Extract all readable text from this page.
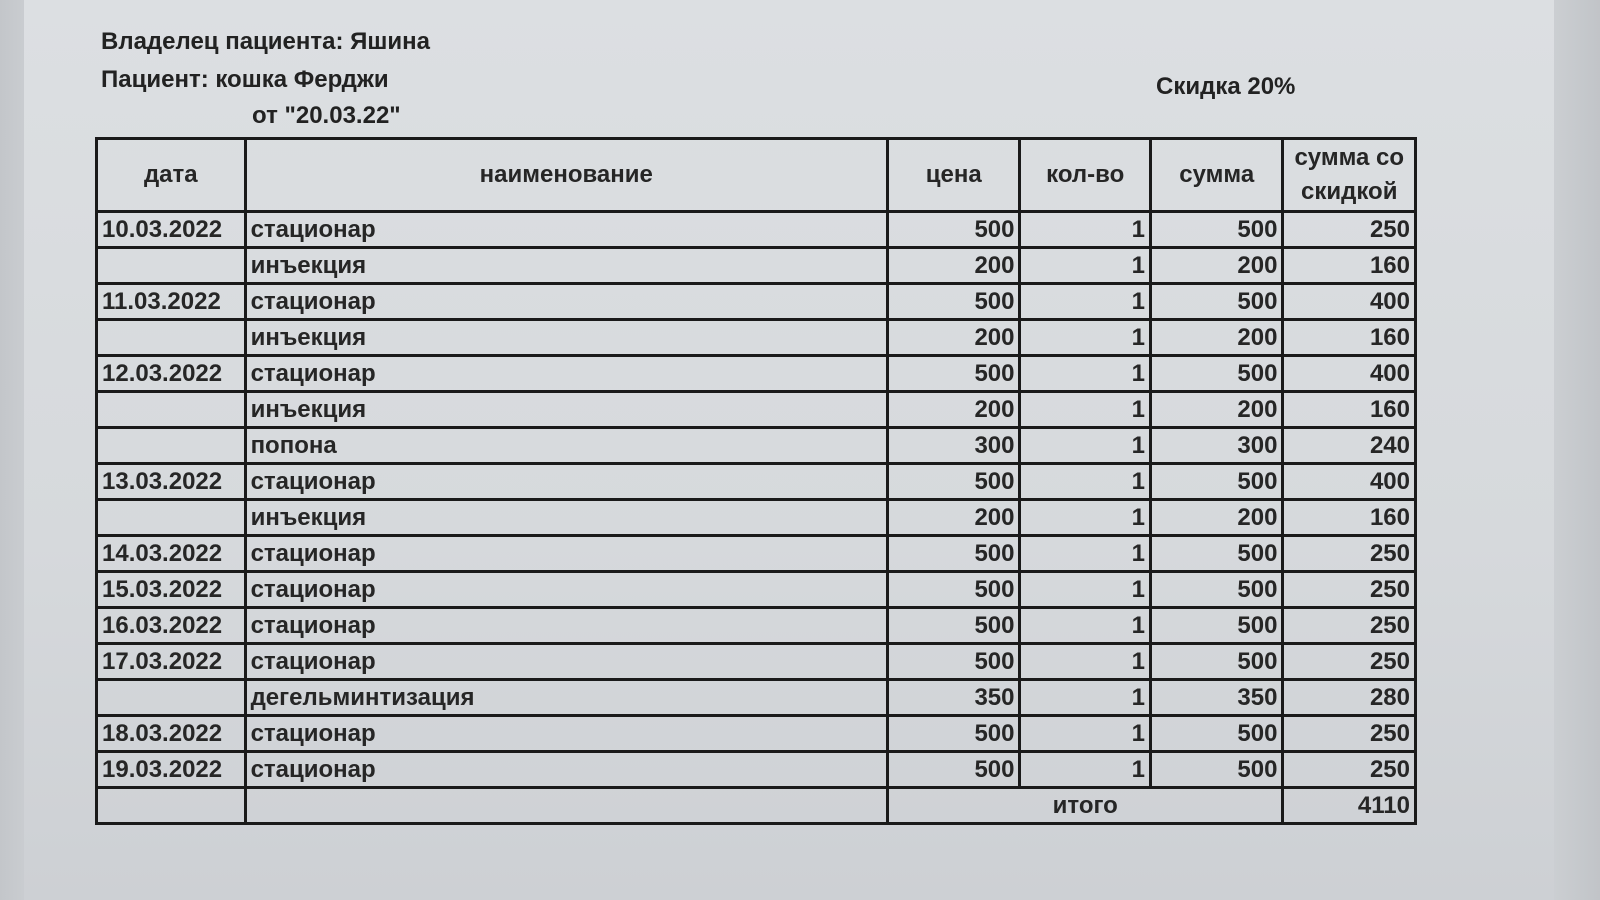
Владелец пациента: Яшина
Пациент: кошка Ферджи
от "20.03.22"
Скидка 20%
дата	наименование	цена	кол-во	сумма	сумма со скидкой
10.03.2022	стационар	500	1	500	250
	инъекция	200	1	200	160
11.03.2022	стационар	500	1	500	400
	инъекция	200	1	200	160
12.03.2022	стационар	500	1	500	400
	инъекция	200	1	200	160
	попона	300	1	300	240
13.03.2022	стационар	500	1	500	400
	инъекция	200	1	200	160
14.03.2022	стационар	500	1	500	250
15.03.2022	стационар	500	1	500	250
16.03.2022	стационар	500	1	500	250
17.03.2022	стационар	500	1	500	250
	дегельминтизация	350	1	350	280
18.03.2022	стационар	500	1	500	250
19.03.2022	стационар	500	1	500	250
		итого			4110
